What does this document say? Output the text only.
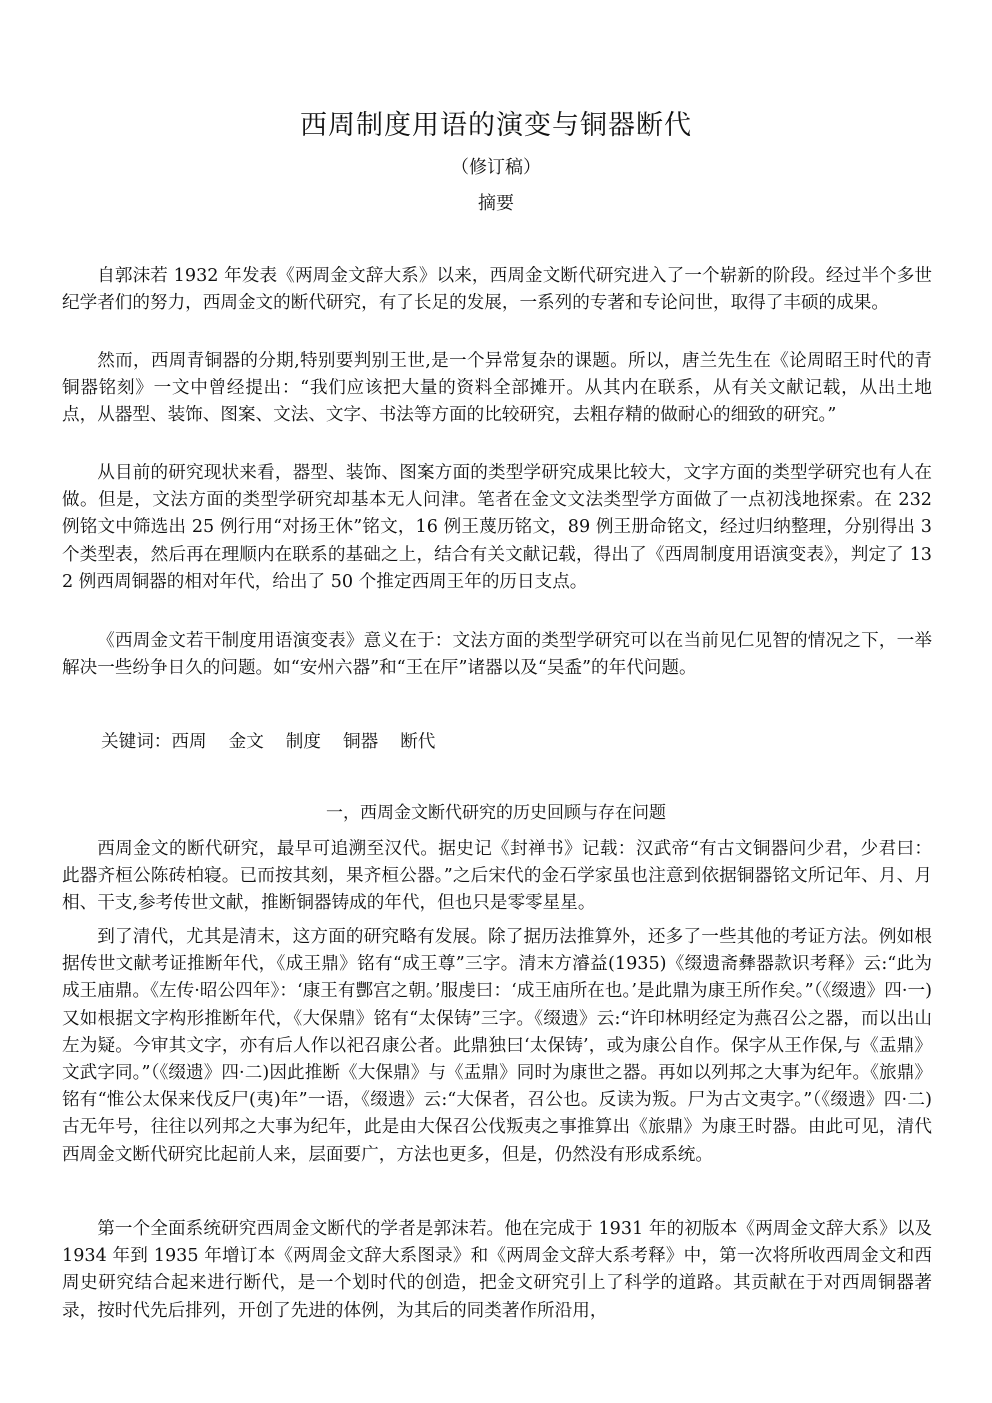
西周制度用语的演变与铜器断代
（修订稿）
摘要

自郭沫若 1932 年发表《两周金文辞大系》以来，西周金文断代研究进入了一个崭新的阶段。经过半个多世纪学者们的努力，西周金文的断代研究，有了长足的发展，一系列的专著和专论问世，取得了丰硕的成果。

然而，西周青铜器的分期,特别要判别王世,是一个异常复杂的课题。所以，唐兰先生在《论周昭王时代的青铜器铭刻》一文中曾经提出：“我们应该把大量的资料全部摊开。从其内在联系，从有关文献记载，从出土地点，从器型、装饰、图案、文法、文字、书法等方面的比较研究，去粗存精的做耐心的细致的研究。”

从目前的研究现状来看，器型、装饰、图案方面的类型学研究成果比较大，文字方面的类型学研究也有人在做。但是，文法方面的类型学研究却基本无人问津。笔者在金文文法类型学方面做了一点初浅地探索。在 232 例铭文中筛选出 25 例行用“对扬王休”铭文，16 例王蔑历铭文，89 例王册命铭文，经过归纳整理，分别得出 3 个类型表，然后再在理顺内在联系的基础之上，结合有关文献记载，得出了《西周制度用语演变表》，判定了 132 例西周铜器的相对年代，给出了 50 个推定西周王年的历日支点。

《西周金文若干制度用语演变表》意义在于：文法方面的类型学研究可以在当前见仁见智的情况之下，一举解决一些纷争日久的问题。如“安州六器”和“王在厈”诸器以及“吴盉”的年代问题。

关键词：西周 金文 制度 铜器 断代
一，西周金文断代研究的历史回顾与存在问题

西周金文的断代研究，最早可追溯至汉代。据史记《封禅书》记载：汉武帝“有古文铜器问少君，少君曰：此器齐桓公陈砖柏寝。已而按其刻，果齐桓公器。”之后宋代的金石学家虽也注意到依据铜器铭文所记年、月、月相、干支,参考传世文献，推断铜器铸成的年代，但也只是零零星星。

到了清代，尤其是清末，这方面的研究略有发展。除了据历法推算外，还多了一些其他的考证方法。例如根据传世文献考证推断年代，《成王鼎》铭有“成王尊”三字。清末方濬益(1935)《缀遗斋彝器款识考释》云:“此为成王庙鼎。《左传·昭公四年》：‘康王有酆宫之朝。’服虔曰：‘成王庙所在也。’是此鼎为康王所作矣。”（《缀遗》四·一)又如根据文字构形推断年代，《大保鼎》铭有“太保铸”三字。《缀遗》云:“许印林明经定为燕召公之器，而以出山左为疑。今审其文字，亦有后人作以祀召康公者。此鼎独曰‘太保铸’，或为康公自作。保字从王作保,与《盂鼎》文武字同。”（《缀遗》四·二)因此推断《大保鼎》与《盂鼎》同时为康世之器。再如以列邦之大事为纪年。《旅鼎》铭有“惟公太保来伐反尸(夷)年”一语，《缀遗》云:“大保者，召公也。反读为叛。尸为古文夷字。”（《缀遗》四·二)古无年号，往往以列邦之大事为纪年，此是由大保召公伐叛夷之事推算出《旅鼎》为康王时器。由此可见，清代西周金文断代研究比起前人来，层面要广，方法也更多，但是，仍然没有形成系统。

第一个全面系统研究西周金文断代的学者是郭沫若。他在完成于 1931 年的初版本《两周金文辞大系》以及 1934 年到 1935 年增订本《两周金文辞大系图录》和《两周金文辞大系考释》中，第一次将所收西周金文和西周史研究结合起来进行断代，是一个划时代的创造，把金文研究引上了科学的道路。其贡献在于对西周铜器著录，按时代先后排列，开创了先进的体例，为其后的同类著作所沿用，
